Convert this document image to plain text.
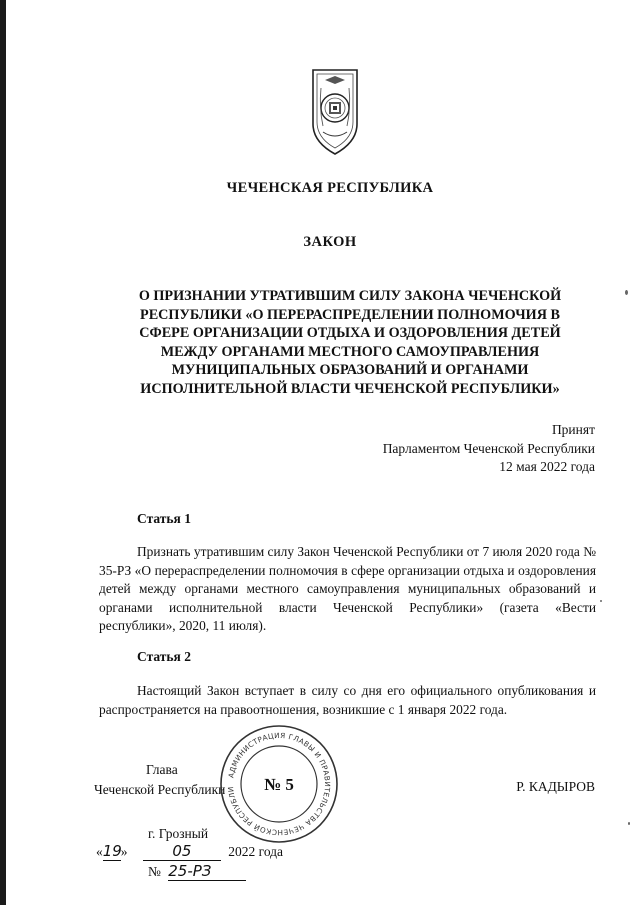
ЧЕЧЕНСКАЯ РЕСПУБЛИКА
ЗАКОН
О ПРИЗНАНИИ УТРАТИВШИМ СИЛУ ЗАКОНА ЧЕЧЕНСКОЙ
РЕСПУБЛИКИ «О ПЕРЕРАСПРЕДЕЛЕНИИ ПОЛНОМОЧИЯ В
СФЕРЕ ОРГАНИЗАЦИИ ОТДЫХА И ОЗДОРОВЛЕНИЯ ДЕТЕЙ
МЕЖДУ ОРГАНАМИ МЕСТНОГО САМОУПРАВЛЕНИЯ
МУНИЦИПАЛЬНЫХ ОБРАЗОВАНИЙ И ОРГАНАМИ
ИСПОЛНИТЕЛЬНОЙ ВЛАСТИ ЧЕЧЕНСКОЙ РЕСПУБЛИКИ»
Принят
Парламентом Чеченской Республики
12 мая 2022 года
Статья 1
Признать утратившим силу Закон Чеченской Республики от 7 июля 2020 года № 35-РЗ «О перераспределении полномочия в сфере организации отдыха и оздоровления детей между органами местного самоуправления муниципальных образований и органами исполнительной власти Чеченской Республики» (газета «Вести республики», 2020, 11 июля).
Статья 2
Настоящий Закон вступает в силу со дня его официального опубликования и распространяется на правоотношения, возникшие с 1 января 2022 года.
Глава
Чеченской Республики
АДМИНИСТРАЦИЯ ГЛАВЫ И ПРАВИТЕЛЬСТВА ЧЕЧЕНСКОЙ РЕСПУБЛИ	№ 5	Р. КАДЫРОВ
г. Грозный
«19»	05	2022 года
№ 25-РЗ
